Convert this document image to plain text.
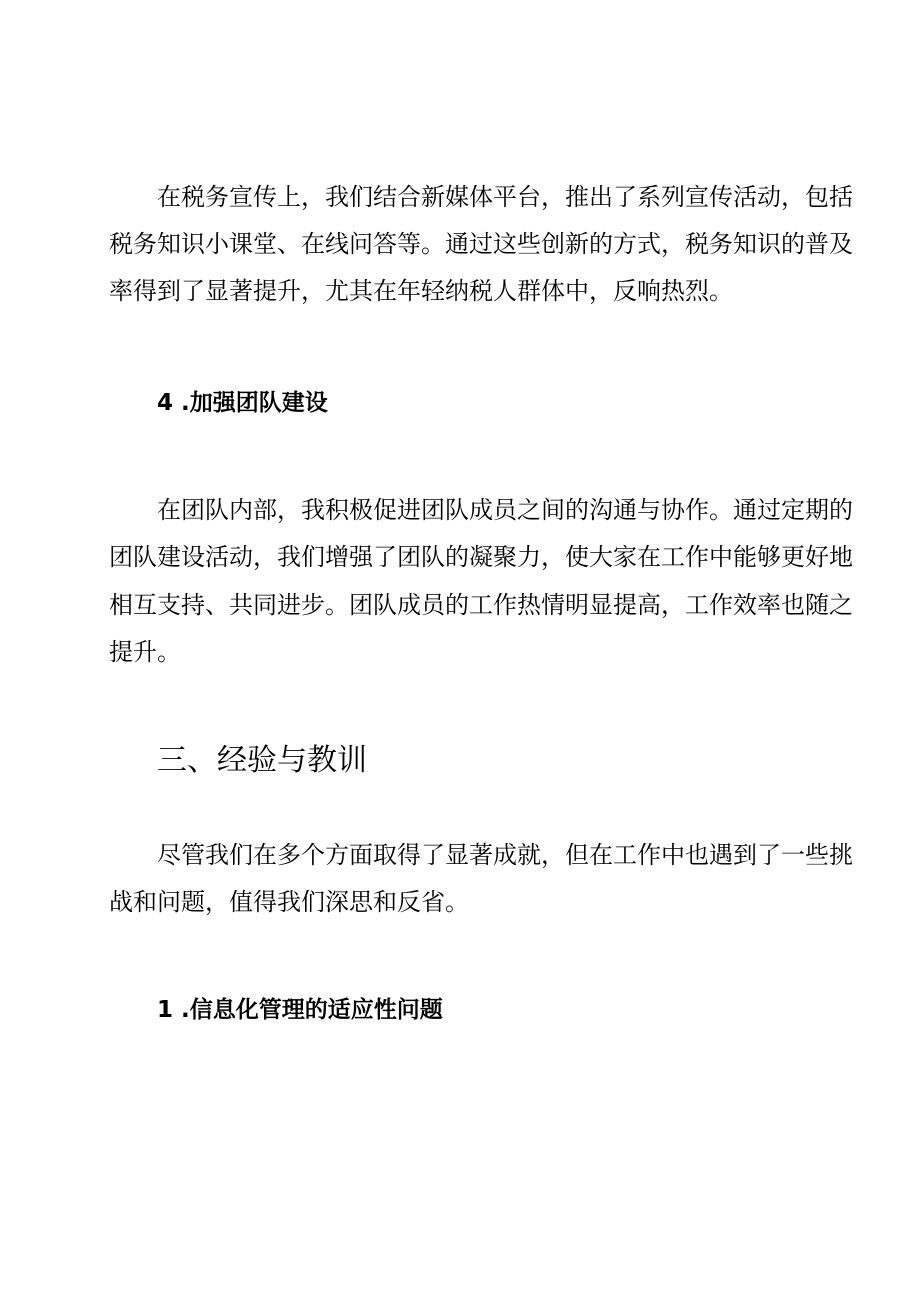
在税务宣传上，我们结合新媒体平台，推出了系列宣传活动，包括
税务知识小课堂、在线问答等。通过这些创新的方式，税务知识的普及
率得到了显著提升，尤其在年轻纳税人群体中，反响热烈。
4 .加强团队建设
在团队内部，我积极促进团队成员之间的沟通与协作。通过定期的
团队建设活动，我们增强了团队的凝聚力，使大家在工作中能够更好地
相互支持、共同进步。团队成员的工作热情明显提高，工作效率也随之
提升。
三、经验与教训
尽管我们在多个方面取得了显著成就，但在工作中也遇到了一些挑
战和问题，值得我们深思和反省。
1 .信息化管理的适应性问题
